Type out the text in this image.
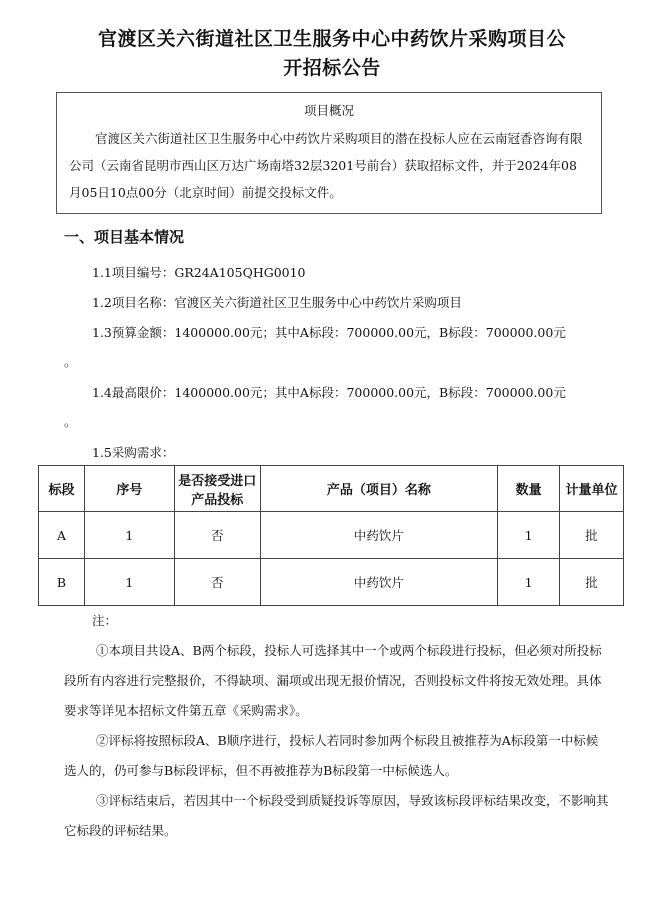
官渡区关六街道社区卫生服务中心中药饮片采购项目公
开招标公告
项目概况

官渡区关六街道社区卫生服务中心中药饮片采购项目的潜在投标人应在云南冠香咨询有限公司（云南省昆明市西山区万达广场南塔32层3201号前台）获取招标文件，并于2024年08月05日10点00分（北京时间）前提交投标文件。

一、项目基本情况
1.1项目编号：GR24A105QHG0010
1.2项目名称：官渡区关六街道社区卫生服务中心中药饮片采购项目
1.3预算金额：1400000.00元；其中A标段：700000.00元，B标段：700000.00元
。
1.4最高限价：1400000.00元；其中A标段：700000.00元，B标段：700000.00元
。
1.5采购需求：
标段	序号	是否接受进口产品投标	产品（项目）名称	数量	计量单位
A	1	否	中药饮片	1	批
B	1	否	中药饮片	1	批
注：

①本项目共设A、B两个标段，投标人可选择其中一个或两个标段进行投标，但必须对所投标段所有内容进行完整报价，不得缺项、漏项或出现无报价情况，否则投标文件将按无效处理。具体要求等详见本招标文件第五章《采购需求》。

②评标将按照标段A、B顺序进行，投标人若同时参加两个标段且被推荐为A标段第一中标候选人的，仍可参与B标段评标，但不再被推荐为B标段第一中标候选人。

③评标结束后，若因其中一个标段受到质疑投诉等原因，导致该标段评标结果改变，不影响其它标段的评标结果。
